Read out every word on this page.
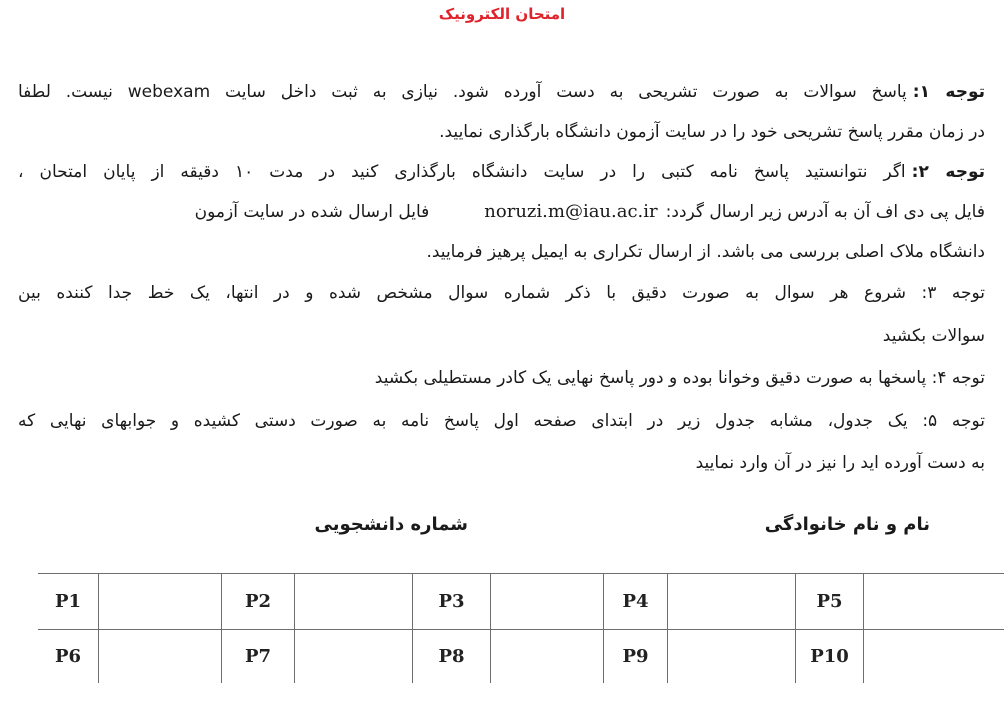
امتحان الکترونیک
توجه ۱:پاسخ سوالات به صورت تشریحی به دست آورده شود. نیازی به ثبت داخل سایت webexam نیست. لطفا
در زمان مقرر پاسخ تشریحی خود را در سایت آزمون دانشگاه بارگذاری نمایید.
توجه ۲:اگر نتوانستید پاسخ نامه کتبی را در سایت دانشگاه بارگذاری کنید در مدت ۱۰ دقیقه از پایان امتحان ،
فایل پی دی اف آن به آدرس زیر ارسال گردد:noruzi.m@iau.ac.irفایل ارسال شده در سایت آزمون
دانشگاه ملاک اصلی بررسی می باشد. از ارسال تکراری به ایمیل پرهیز فرمایید.
توجه ۳: شروع هر سوال به صورت دقیق با ذکر شماره سوال مشخص شده و در انتها، یک خط جدا کننده بین
سوالات بکشید
توجه ۴: پاسخها به صورت دقیق وخوانا بوده و دور پاسخ نهایی یک کادر مستطیلی بکشید
توجه ۵: یک جدول، مشابه جدول زیر در ابتدای صفحه اول پاسخ نامه به صورت دستی کشیده و جوابهای نهایی که
به دست آورده اید را نیز در آن وارد نمایید
نام و نام خانوادگی
شماره دانشجویی
P1	P2	P3	P4	P5
P6	P7	P8	P9	P10
